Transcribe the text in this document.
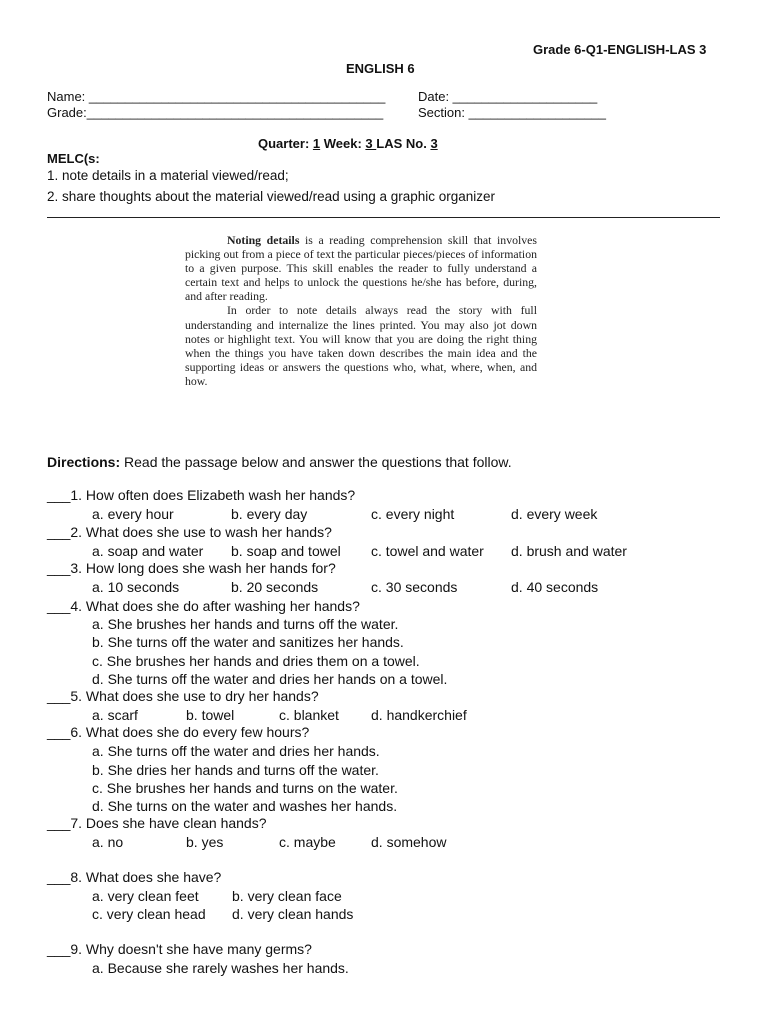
Grade 6-Q1-ENGLISH-LAS 3
ENGLISH 6
Name: _________________________________________
Grade:_________________________________________
Date: ____________________
Section: ___________________
Quarter: 1 Week: 3 LAS No. 3
MELC(s:
1. note details in a material viewed/read;
2. share thoughts about the material viewed/read using a graphic organizer

Noting details is a reading comprehension skill that involves picking out from a piece of text the particular pieces/pieces of information to a given purpose. This skill enables the reader to fully understand a certain text and helps to unlock the questions he/she has before, during, and after reading.

In order to note details always read the story with full understanding and internalize the lines printed. You may also jot down notes or highlight text. You will know that you are doing the right thing when the things you have taken down describes the main idea and the supporting ideas or answers the questions who, what, where, when, and how.

Directions: Read the passage below and answer the questions that follow.
___1. How often does Elizabeth wash her hands?
a. every hour	b. every day	c. every night	d. every week
___2. What does she use to wash her hands?
a. soap and water b. soap and towel c. towel and water d. brush and water
___3. How long does she wash her hands for?
a. 10 seconds	b. 20 seconds	c. 30 seconds	d. 40 seconds
___4. What does she do after washing her hands?
a. She brushes her hands and turns off the water.
b. She turns off the water and sanitizes her hands.
c. She brushes her hands and dries them on a towel.
d. She turns off the water and dries her hands on a towel.
___5. What does she use to dry her hands?
a. scarf	b. towel	c. blanket d. handkerchief
___6. What does she do every few hours?
a. She turns off the water and dries her hands.
b. She dries her hands and turns off the water.
c. She brushes her hands and turns on the water.
d. She turns on the water and washes her hands.
___7. Does she have clean hands?
a. no	b. yes	c. maybe	d. somehow
___8. What does she have?
a. very clean feet b. very clean face
c. very clean head d. very clean hands
___9. Why doesn't she have many germs?
a. Because she rarely washes her hands.
